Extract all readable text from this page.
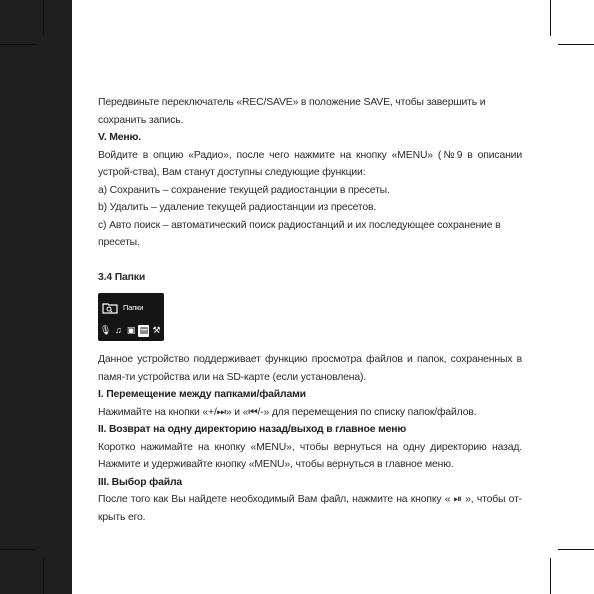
Передвиньте переключатель «REC/SAVE» в положение SAVE, чтобы завершить и сохранить запись.

V. Меню.

Войдите в опцию «Радио», после чего нажмите на кнопку «MENU» (№9 в описании устрой-ства), Вам станут доступны следующие функции:

a) Сохранить – сохранение текущей радиостанции в пресеты.

b) Удалить – удаление текущей радиостанции из пресетов.

c) Авто поиск – автоматический поиск радиостанций и их последующее сохранение в пресеты.

3.4 Папки

Папки
🎙 ♫ ▣ ▤ ⚒

Данное устройство поддерживает функцию просмотра файлов и папок, сохраненных в памя-ти устройства или на SD-карте (если установлена).

I. Перемещение между папками/файлами

Нажимайте на кнопки «+/⏭» и «⏮/-» для перемещения по списку папок/файлов.

II. Возврат на одну директорию назад/выход в главное меню

Коротко нажимайте на кнопку «MENU», чтобы вернуться на одну директорию назад. Нажмите и удерживайте кнопку «MENU», чтобы вернуться в главное меню.

III. Выбор файла

После того как Вы найдете необходимый Вам файл, нажмите на кнопку « ⏯ », чтобы от-крыть его.
